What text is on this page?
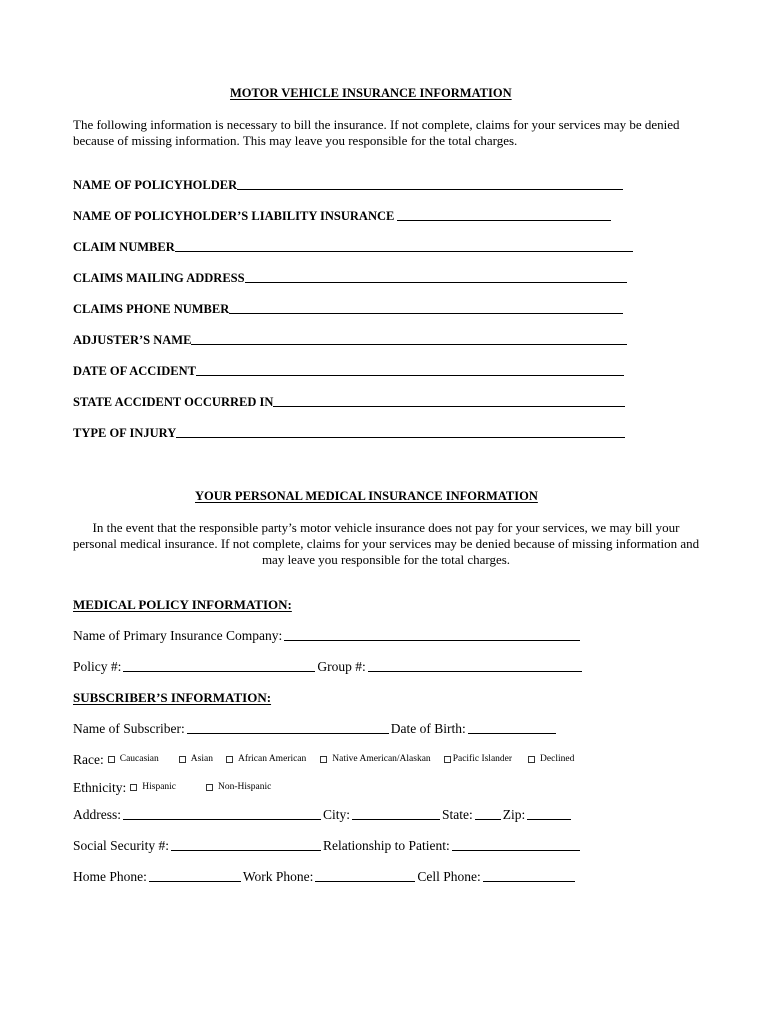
MOTOR VEHICLE INSURANCE INFORMATION
The following information is necessary to bill the insurance. If not complete, claims for your services may be denied because of missing information. This may leave you responsible for the total charges.
NAME OF POLICYHOLDER
NAME OF POLICYHOLDER’S LIABILITY INSURANCE
CLAIM NUMBER
CLAIMS MAILING ADDRESS
CLAIMS PHONE NUMBER
ADJUSTER’S NAME
DATE OF ACCIDENT
STATE ACCIDENT OCCURRED IN
TYPE OF INJURY
YOUR PERSONAL MEDICAL INSURANCE INFORMATION
In the event that the responsible party’s motor vehicle insurance does not pay for your services, we may bill your personal medical insurance. If not complete, claims for your services may be denied because of missing information and may leave you responsible for the total charges.
MEDICAL POLICY INFORMATION:
Name of Primary Insurance Company:
Policy #:	Group #:
SUBSCRIBER’S INFORMATION:
Name of Subscriber:	Date of Birth:
Race: Caucasian	Asian	African American	Native American/Alaskan Pacific Islander	Declined
Ethnicity: Hispanic	Non-Hispanic
Address:	City:	State: Zip:
Social Security #:	Relationship to Patient:
Home Phone:	Work Phone:	Cell Phone:
